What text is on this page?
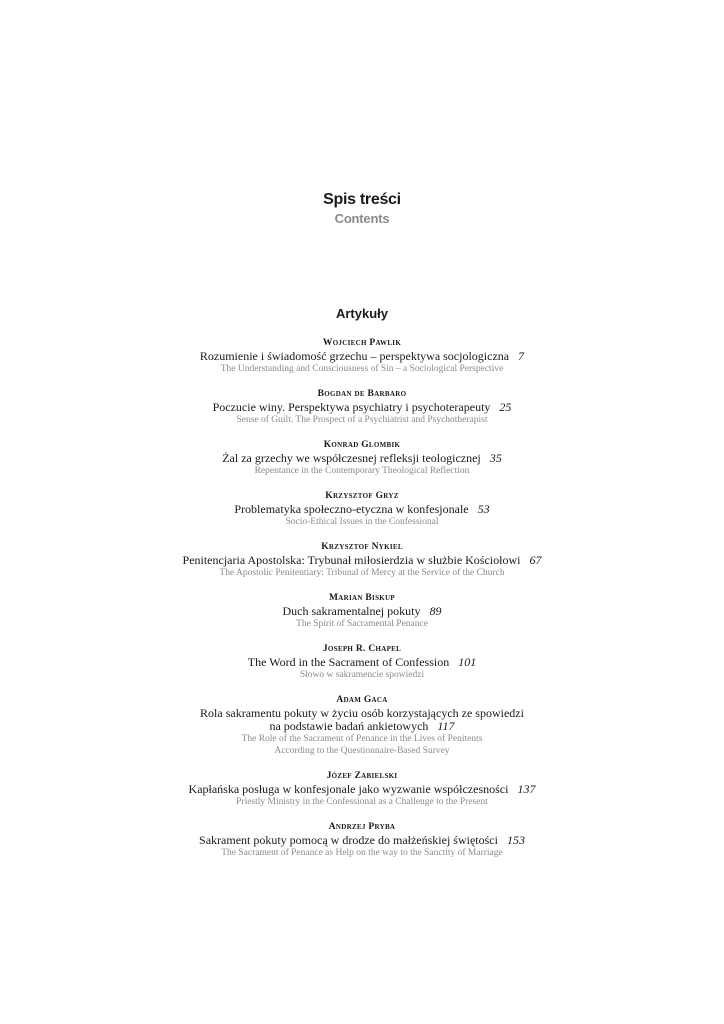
Spis treści
Contents
Artykuły
Wojciech Pawlik
Rozumienie i świadomość grzechu – perspektywa socjologiczna 7
The Understanding and Consciousness of Sin – a Sociological Perspective
Bogdan de Barbaro
Poczucie winy. Perspektywa psychiatry i psychoterapeuty 25
Sense of Guilt. The Prospect of a Psychiatrist and Psychotherapist
Konrad Glombik
Żal za grzechy we współczesnej refleksji teologicznej 35
Repentance in the Contemporary Theological Reflection
Krzysztof Gryz
Problematyka społeczno-etyczna w konfesjonale 53
Socio-Ethical Issues in the Confessional
Krzysztof Nykiel
Penitencjaria Apostolska: Trybunał miłosierdzia w służbie Kościołowi 67
The Apostolic Penitentiary: Tribunal of Mercy at the Service of the Church
Marian Biskup
Duch sakramentalnej pokuty 89
The Spirit of Sacramental Penance
Joseph R. Chapel
The Word in the Sacrament of Confession 101
Słowo w sakramencie spowiedzi
Adam Gaca
Rola sakramentu pokuty w życiu osób korzystających ze spowiedzi
na podstawie badań ankietowych 117
The Role of the Sacrament of Penance in the Lives of Penitents
According to the Questionnaire-Based Survey
Józef Zabielski
Kapłańska posługa w konfesjonale jako wyzwanie współczesności 137
Priestly Ministry in the Confessional as a Challenge to the Present
Andrzej Pryba
Sakrament pokuty pomocą w drodze do małżeńskiej świętości 153
The Sacrament of Penance as Help on the way to the Sanctity of Marriage
